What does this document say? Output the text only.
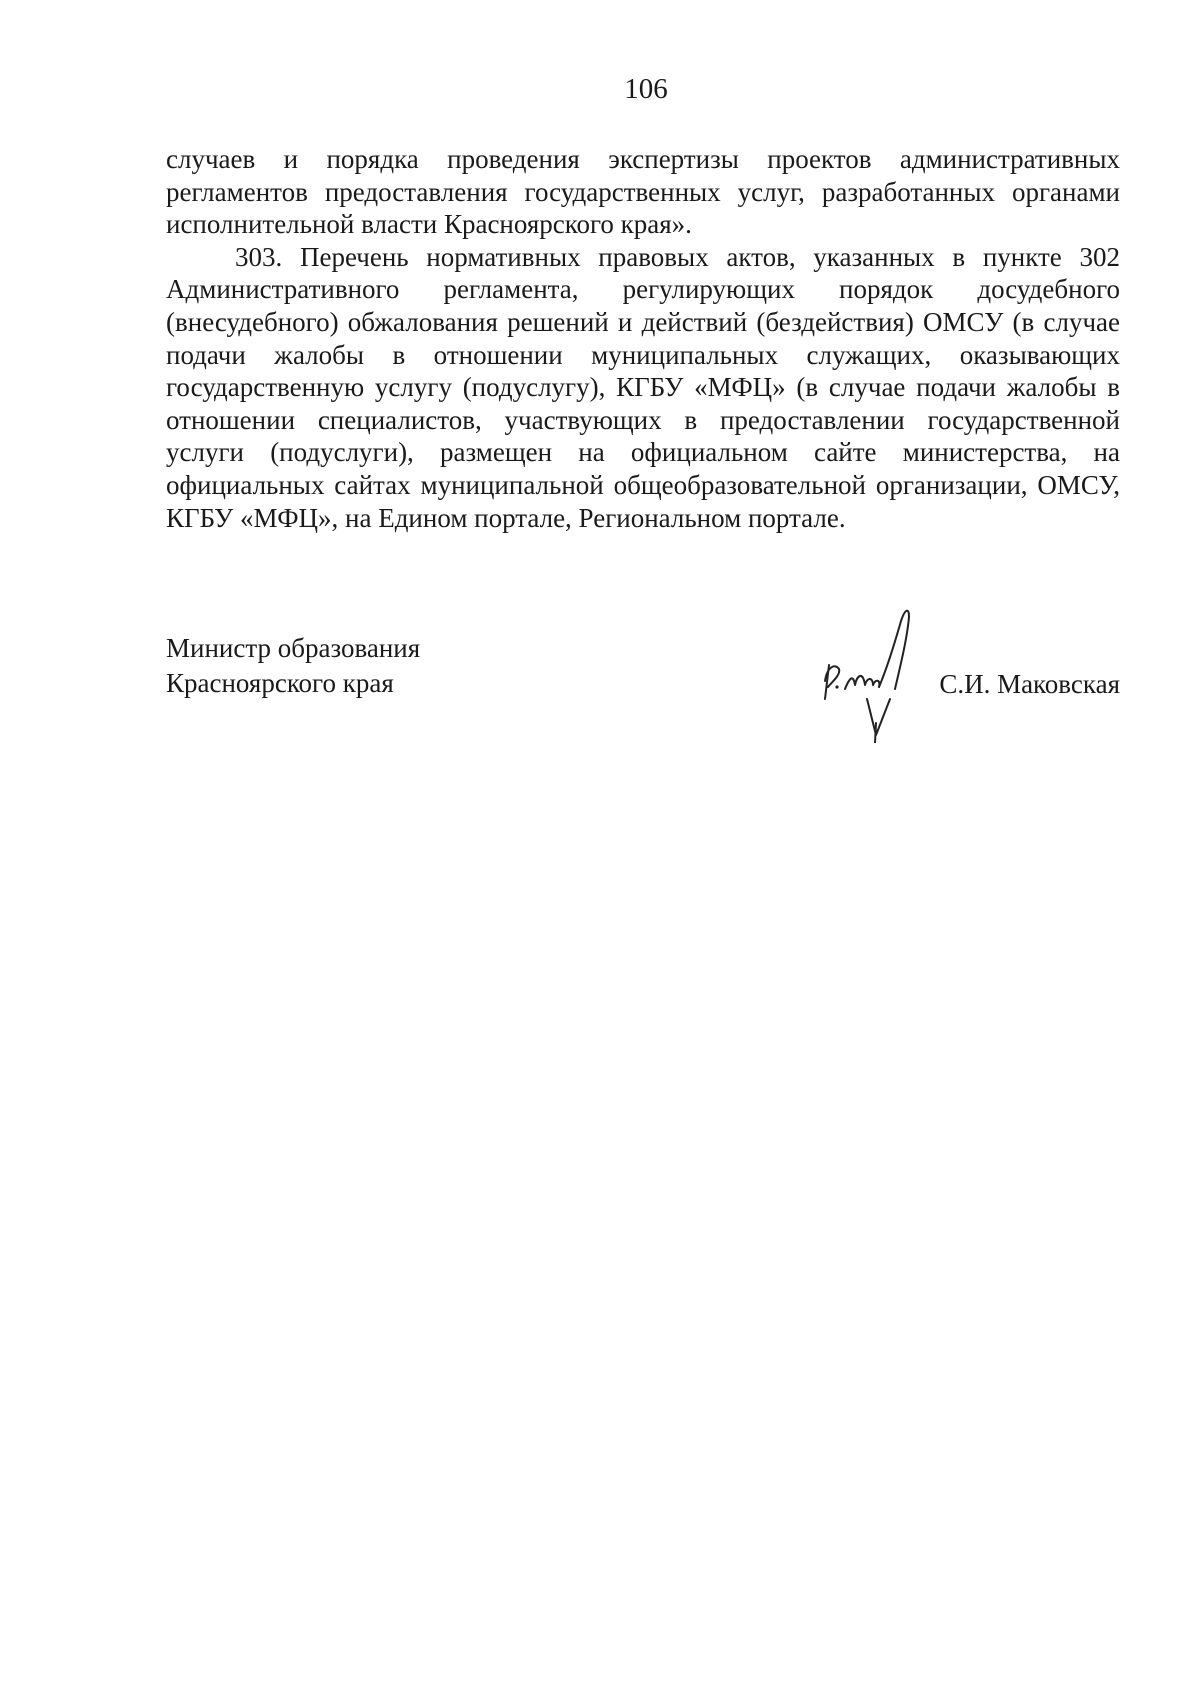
106

случаев и порядка проведения экспертизы проектов административных регламентов предоставления государственных услуг, разработанных органами исполнительной власти Красноярского края».

303. Перечень нормативных правовых актов, указанных в пункте 302 Административного регламента, регулирующих порядок досудебного (внесудебного) обжалования решений и действий (бездействия) ОМСУ (в случае подачи жалобы в отношении муниципальных служащих, оказывающих государственную услугу (подуслугу), КГБУ «МФЦ» (в случае подачи жалобы в отношении специалистов, участвующих в предоставлении государственной услуги (подуслуги), размещен на официальном сайте министерства, на официальных сайтах муниципальной общеобразовательной организации, ОМСУ, КГБУ «МФЦ», на Едином портале, Региональном портале.

Министр образования
Красноярского края	С.И. Маковская
